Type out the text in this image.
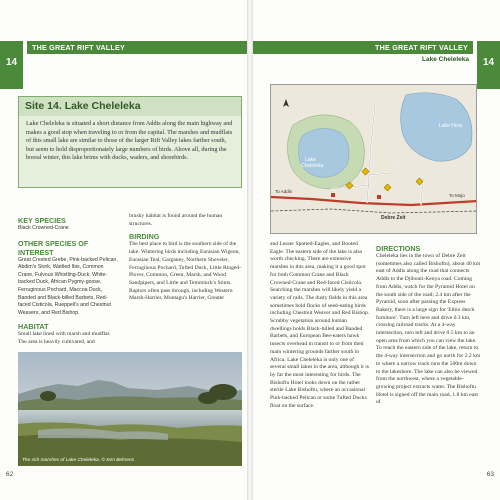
14
THE GREAT RIFT VALLEY
Site 14. Lake Cheleleka
Lake Cheleleka is situated a short distance from Addis along the main highway and makes a good stop when traveling to or from the capital. The marshes and mudflats of this small lake are similar to those of the larger Rift Valley lakes farther south, but seem to hold disproportionately large numbers of birds. Above all, during the boreal winter, this lake brims with ducks, waders, and shorebirds.
KEY SPECIES
Black Crowned-Crane
OTHER SPECIES OF INTEREST
Great Crested Grebe, Pink-backed Pelican, Abdim's Stork, Wattled Ibis, Common Crane, Fulvous Whistling-Duck, White-backed Duck, African Pygmy-goose, Ferruginous Pochard, Maccoa Duck, Banded and Black-billed Barbets, Red-faced Cisticola, Rueppell's and Chestnut Weavers, and Red Bishop.
HABITAT
Small lake lined with marsh and mudflat. The area is heavily cultivated, and
brushy habitat is found around the human structures.
BIRDING
The best place to bird is the southern side of the lake. Wintering birds including Eurasian Wigeon, Eurasian Teal, Garganey, Northern Shoveler, Ferruginous Pochard, Tufted Duck, Little Ringed-Plover, Common, Green, Marsh, and Wood Sandpipers, and Little and Temminck's Stints. Raptors often pass through, including Western Marsh-Harrier, Montagu's Harrier, Greater
The rich marshes of Lake Cheleleka. © Ken Behrens
62
THE GREAT RIFT VALLEY
14
Lake Cheleleka
Lake
Cheleleka
Lake Hora
Debre Zeit
To Addis
To Mojo
and Lesser Spotted-Eagles, and Booted Eagle. The eastern side of the lake is also worth checking. There are extensive marshes in this area, making it a good spot for both Common Crane and Black Crowned-Crane and Red-faced Cisticola. Searching the marshes will likely yield a variety of rails. The dusty fields in this area sometimes hold flocks of seed-eating birds including Chestnut Weaver and Red Bishop. Scrubby vegetation around human dwellings holds Black-billed and Banded Barbets, and European Bee-eaters hawk insects overhead in transit to or from their main wintering grounds farther south in Africa. Lake Cheleleka is only one of several small lakes in the area, although it is by far the most interesting for birds. The Bishoftu Hotel looks down on the rather sterile Lake Bishoftu, where an occasional Pink-backed Pelican or some Tufted Ducks float on the surface.
DIRECTIONS
Cheleleka lies in the town of Debre Zeit (sometimes also called Bishoftu), about 40 km east of Addis along the road that connects Addis to the Djibouti-Kenya road. Coming from Addis, watch for the Pyramid Hotel on the south side of the road; 2.4 km after the Pyramid, soon after passing the Express Bakery, there is a large sign for 'Ethio dutch furniture'. Turn left here and drive 0.3 km, crossing railroad tracks. At a 4-way intersection, turn left and drive 0.5 km to an open area from which you can view the lake. To reach the eastern side of the lake, return to the 4-way intersection and go north for 2.2 km to where a narrow track runs the 500m down to the lakeshore. The lake can also be viewed from the northwest, where a vegetable-growing project extracts water. The Bishoftu Hotel is signed off the main road, 1.8 km east of
63
